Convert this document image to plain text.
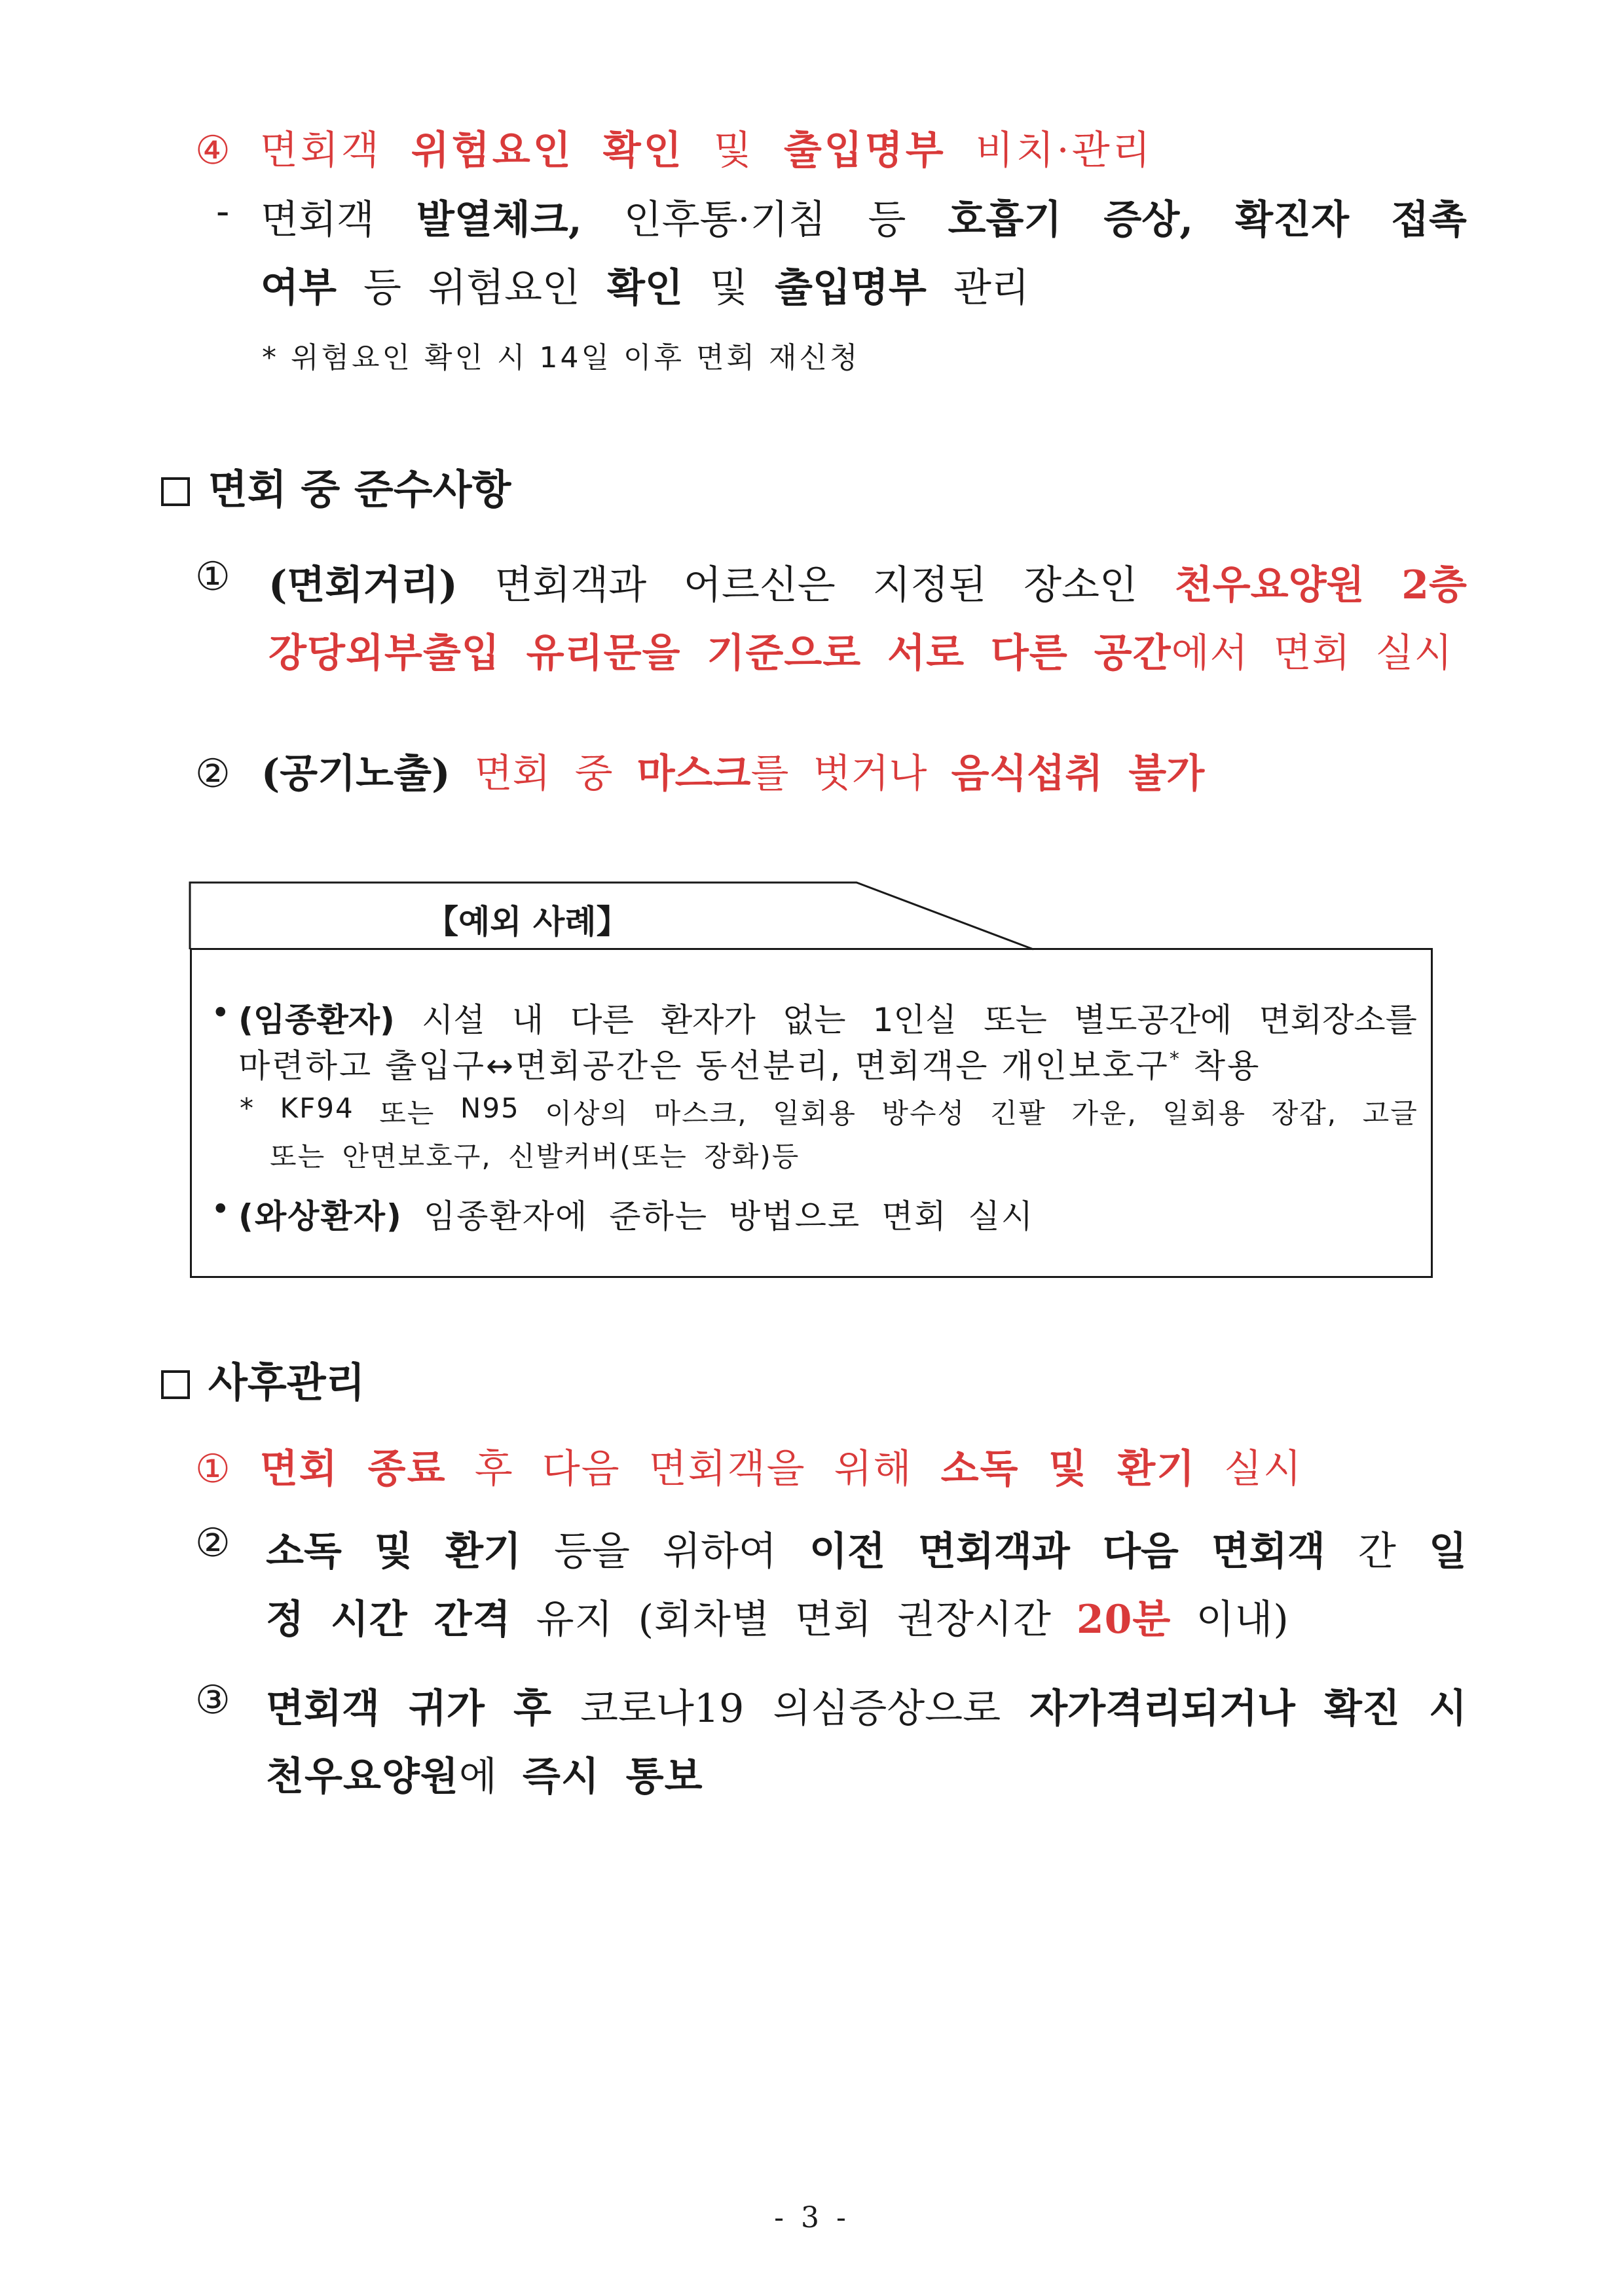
④ 면회객 위험요인 확인 및 출입명부 비치·관리
- 면회객 발열체크, 인후통·기침 등 호흡기 증상, 확진자 접촉
여부 등 위험요인 확인 및 출입명부 관리
* 위험요인 확인 시 14일 이후 면회 재신청
면회 중 준수사항
① (면회거리) 면회객과 어르신은 지정된 장소인 천우요양원 2층
강당외부출입 유리문을 기준으로 서로 다른 공간에서 면회 실시
② (공기노출) 면회 중 마스크를 벗거나 음식섭취 불가
【예외 사례】
• (임종환자) 시설 내 다른 환자가 없는 1인실 또는 별도공간에 면회장소를
마련하고 출입구↔면회공간은 동선분리, 면회객은 개인보호구* 착용
* KF94 또는 N95 이상의 마스크, 일회용 방수성 긴팔 가운, 일회용 장갑, 고글
또는 안면보호구, 신발커버(또는 장화)등
• (와상환자) 임종환자에 준하는 방법으로 면회 실시
사후관리
① 면회 종료 후 다음 면회객을 위해 소독 및 환기 실시
② 소독 및 환기 등을 위하여 이전 면회객과 다음 면회객 간 일
정 시간 간격 유지 (회차별 면회 권장시간 20분 이내)
③ 면회객 귀가 후 코로나19 의심증상으로 자가격리되거나 확진 시
천우요양원에 즉시 통보
- 3 -
